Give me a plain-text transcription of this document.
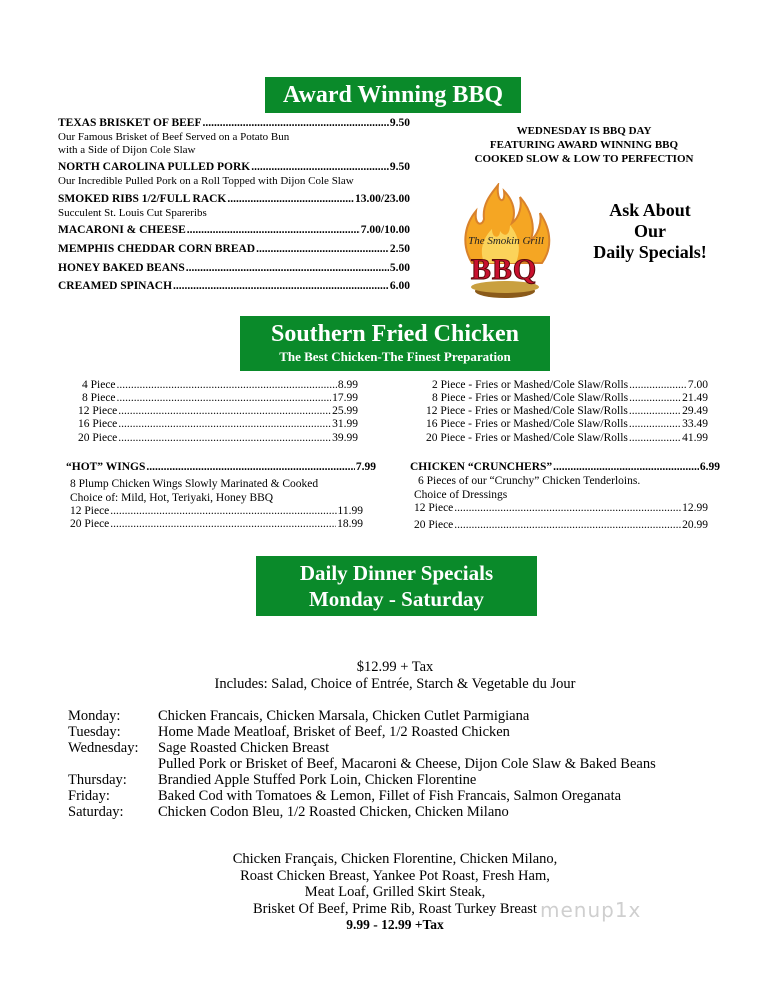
Award Winning BBQ
TEXAS BRISKET OF BEEF .....	9.50
Our Famous Brisket of Beef Served on a Potato Bun
with a Side of Dijon Cole Slaw
NORTH CAROLINA PULLED PORK .....	9.50
Our Incredible Pulled Pork on a Roll Topped with Dijon Cole Slaw
SMOKED RIBS 1/2/FULL RACK .....	13.00/23.00
Succulent St. Louis Cut Spareribs
MACARONI & CHEESE .....	7.00/10.00
MEMPHIS CHEDDAR CORN BREAD .....	2.50
HONEY BAKED BEANS .....	5.00
CREAMED SPINACH .....	6.00
WEDNESDAY IS BBQ DAY
FEATURING AWARD WINNING BBQ
COOKED SLOW & LOW TO PERFECTION
The Smokin Grill
BBQ
Ask About
Our
Daily Specials!
Southern Fried Chicken
The Best Chicken-The Finest Preparation
4 Piece .....	8.99
8 Piece .....	17.99
12 Piece .....	25.99
16 Piece .....	31.99
20 Piece .....	39.99
2 Piece - Fries or Mashed/Cole Slaw/Rolls .....	7.00
8 Piece - Fries or Mashed/Cole Slaw/Rolls .....	21.49
12 Piece - Fries or Mashed/Cole Slaw/Rolls .....	29.49
16 Piece - Fries or Mashed/Cole Slaw/Rolls .....	33.49
20 Piece - Fries or Mashed/Cole Slaw/Rolls .....	41.99
“HOT” WINGS .....	7.99
8 Plump Chicken Wings Slowly Marinated & Cooked
Choice of: Mild, Hot, Teriyaki, Honey BBQ
12 Piece .....	11.99
20 Piece .....	18.99
CHICKEN “CRUNCHERS” .....	6.99
6 Pieces of our “Crunchy” Chicken Tenderloins.
Choice of Dressings
12 Piece .....	12.99
20 Piece .....	20.99
Daily Dinner Specials
Monday - Saturday
$12.99 + Tax
Includes: Salad, Choice of Entrée, Starch & Vegetable du Jour
Monday:	Chicken Francais, Chicken Marsala, Chicken Cutlet Parmigiana
Tuesday:	Home Made Meatloaf, Brisket of Beef, 1/2 Roasted Chicken
Wednesday: Sage Roasted Chicken Breast
Pulled Pork or Brisket of Beef, Macaroni & Cheese, Dijon Cole Slaw & Baked Beans
Thursday: Brandied Apple Stuffed Pork Loin, Chicken Florentine
Friday:	Baked Cod with Tomatoes & Lemon, Fillet of Fish Francais, Salmon Oreganata
Saturday: Chicken Codon Bleu, 1/2 Roasted Chicken, Chicken Milano
Chicken Français, Chicken Florentine, Chicken Milano,
Roast Chicken Breast, Yankee Pot Roast, Fresh Ham,
Meat Loaf, Grilled Skirt Steak,
Brisket Of Beef, Prime Rib, Roast Turkey Breast
9.99 - 12.99 +Tax
menup1x
